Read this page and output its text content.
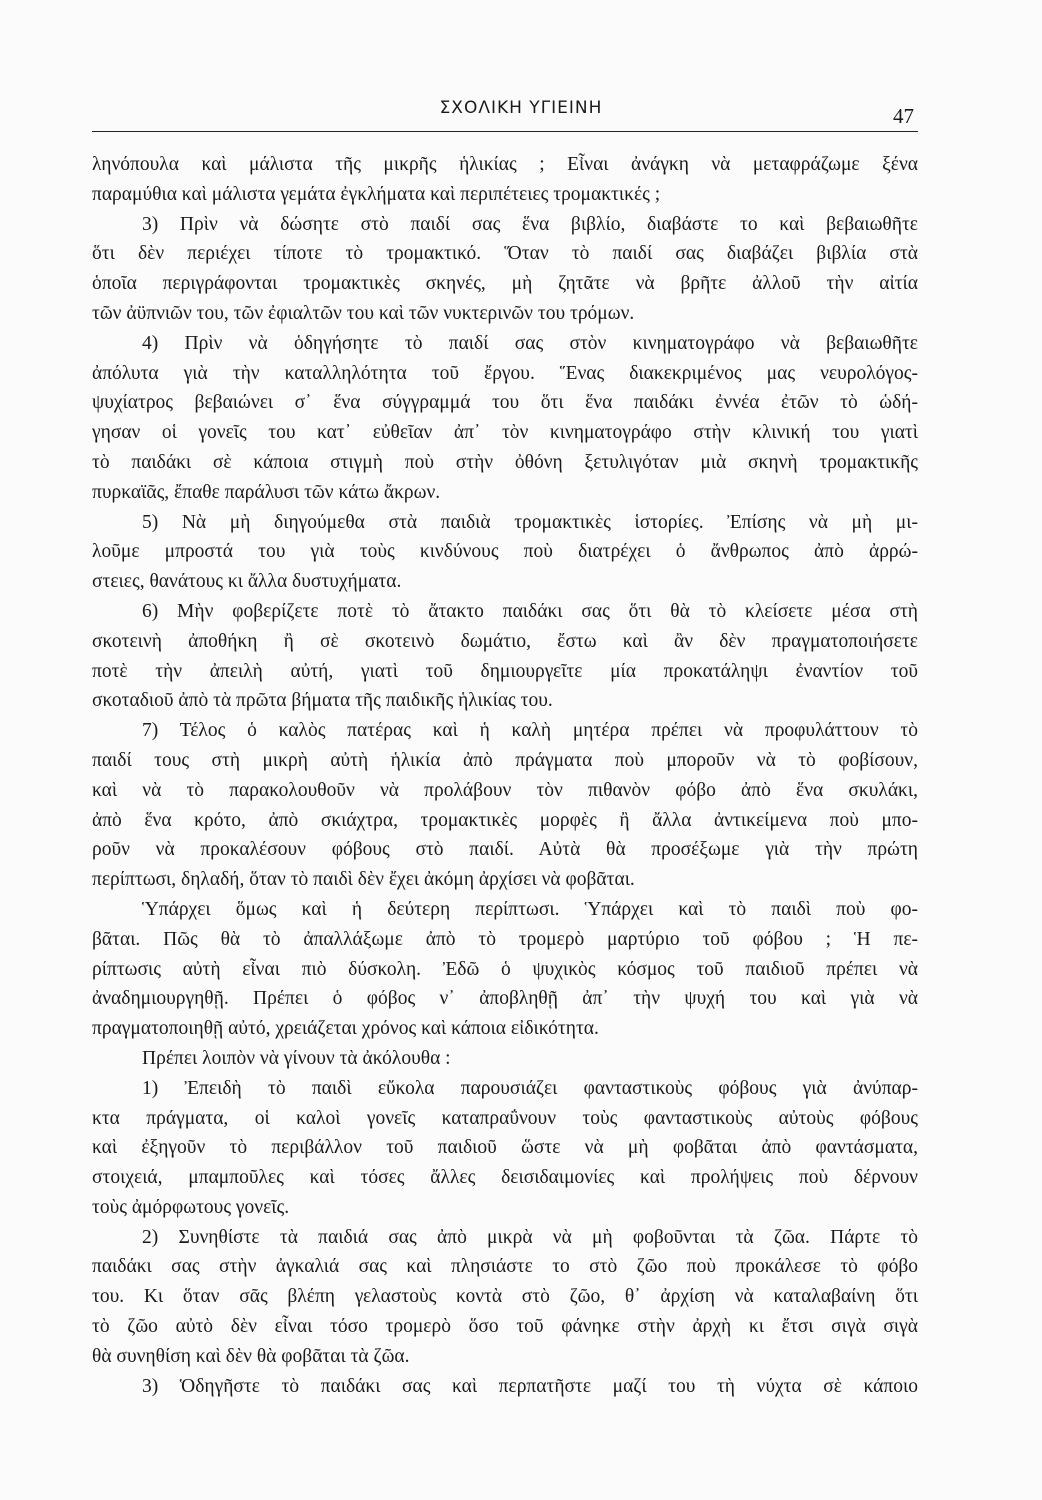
ΣΧΟΛΙΚΗ ΥΓΙΕΙΝΗ	47
ληνόπουλα καὶ μάλιστα τῆς μικρῆς ἡλικίας ; Εἶναι ἀνάγκη νὰ μεταφράζωμε ξένα
παραμύθια καὶ μάλιστα γεμάτα ἐγκλήματα καὶ περιπέτειες τρομακτικές ;
3) Πρὶν νὰ δώσητε στὸ παιδί σας ἕνα βιβλίο, διαβάστε το καὶ βεβαιωθῆτε
ὅτι δὲν περιέχει τίποτε τὸ τρομακτικό. Ὅταν τὸ παιδί σας διαβάζει βιβλία στὰ
ὁποῖα περιγράφονται τρομακτικὲς σκηνές, μὴ ζητᾶτε νὰ βρῆτε ἀλλοῦ τὴν αἰτία
τῶν ἀϋπνιῶν του, τῶν ἐφιαλτῶν του καὶ τῶν νυκτερινῶν του τρόμων.
4) Πρὶν νὰ ὁδηγήσητε τὸ παιδί σας στὸν κινηματογράφο νὰ βεβαιωθῆτε
ἀπόλυτα γιὰ τὴν καταλληλότητα τοῦ ἔργου. Ἕνας διακεκριμένος μας νευρολόγος-
ψυχίατρος βεβαιώνει σ᾽ ἕνα σύγγραμμά του ὅτι ἕνα παιδάκι ἐννέα ἐτῶν τὸ ὡδή-
γησαν οἱ γονεῖς του κατ᾽ εὐθεῖαν ἀπ᾽ τὸν κινηματογράφο στὴν κλινική του γιατὶ
τὸ παιδάκι σὲ κάποια στιγμὴ ποὺ στὴν ὀθόνη ξετυλιγόταν μιὰ σκηνὴ τρομακτικῆς
πυρκαϊᾶς, ἔπαθε παράλυσι τῶν κάτω ἄκρων.
5) Νὰ μὴ διηγούμεθα στὰ παιδιὰ τρομακτικὲς ἱστορίες. Ἐπίσης νὰ μὴ μι-
λοῦμε μπροστά του γιὰ τοὺς κινδύνους ποὺ διατρέχει ὁ ἄνθρωπος ἀπὸ ἀρρώ-
στειες, θανάτους κι ἄλλα δυστυχήματα.
6) Μὴν φοβερίζετε ποτὲ τὸ ἄτακτο παιδάκι σας ὅτι θὰ τὸ κλείσετε μέσα στὴ
σκοτεινὴ ἀποθήκη ἢ σὲ σκοτεινὸ δωμάτιο, ἔστω καὶ ἂν δὲν πραγματοποιήσετε
ποτὲ τὴν ἀπειλὴ αὐτή, γιατὶ τοῦ δημιουργεῖτε μία προκατάληψι ἐναντίον τοῦ
σκοταδιοῦ ἀπὸ τὰ πρῶτα βήματα τῆς παιδικῆς ἡλικίας του.
7) Τέλος ὁ καλὸς πατέρας καὶ ἡ καλὴ μητέρα πρέπει νὰ προφυλάττουν τὸ
παιδί τους στὴ μικρὴ αὐτὴ ἡλικία ἀπὸ πράγματα ποὺ μποροῦν νὰ τὸ φοβίσουν,
καὶ νὰ τὸ παρακολουθοῦν νὰ προλάβουν τὸν πιθανὸν φόβο ἀπὸ ἕνα σκυλάκι,
ἀπὸ ἕνα κρότο, ἀπὸ σκιάχτρα, τρομακτικὲς μορφὲς ἢ ἄλλα ἀντικείμενα ποὺ μπο-
ροῦν νὰ προκαλέσουν φόβους στὸ παιδί. Αὐτὰ θὰ προσέξωμε γιὰ τὴν πρώτη
περίπτωσι, δηλαδή, ὅταν τὸ παιδὶ δὲν ἔχει ἀκόμη ἀρχίσει νὰ φοβᾶται.
Ὑπάρχει ὅμως καὶ ἡ δεύτερη περίπτωσι. Ὑπάρχει καὶ τὸ παιδὶ ποὺ φο-
βᾶται. Πῶς θὰ τὸ ἀπαλλάξωμε ἀπὸ τὸ τρομερὸ μαρτύριο τοῦ φόβου ; Ἡ πε-
ρίπτωσις αὐτὴ εἶναι πιὸ δύσκολη. Ἐδῶ ὁ ψυχικὸς κόσμος τοῦ παιδιοῦ πρέπει νὰ
ἀναδημιουργηθῇ. Πρέπει ὁ φόβος ν᾽ ἀποβληθῇ ἀπ᾽ τὴν ψυχή του καὶ γιὰ νὰ
πραγματοποιηθῇ αὐτό, χρειάζεται χρόνος καὶ κάποια εἰδικότητα.
Πρέπει λοιπὸν νὰ γίνουν τὰ ἀκόλουθα :
1) Ἐπειδὴ τὸ παιδὶ εὔκολα παρουσιάζει φανταστικοὺς φόβους γιὰ ἀνύπαρ-
κτα πράγματα, οἱ καλοὶ γονεῖς καταπραΰνουν τοὺς φανταστικοὺς αὐτοὺς φόβους
καὶ ἐξηγοῦν τὸ περιβάλλον τοῦ παιδιοῦ ὥστε νὰ μὴ φοβᾶται ἀπὸ φαντάσματα,
στοιχειά, μπαμποῦλες καὶ τόσες ἄλλες δεισιδαιμονίες καὶ προλήψεις ποὺ δέρνουν
τοὺς ἀμόρφωτους γονεῖς.
2) Συνηθίστε τὰ παιδιά σας ἀπὸ μικρὰ νὰ μὴ φοβοῦνται τὰ ζῶα. Πάρτε τὸ
παιδάκι σας στὴν ἀγκαλιά σας καὶ πλησιάστε το στὸ ζῶο ποὺ προκάλεσε τὸ φόβο
του. Κι ὅταν σᾶς βλέπη γελαστοὺς κοντὰ στὸ ζῶο, θ᾽ ἀρχίση νὰ καταλαβαίνη ὅτι
τὸ ζῶο αὐτὸ δὲν εἶναι τόσο τρομερὸ ὅσο τοῦ φάνηκε στὴν ἀρχὴ κι ἔτσι σιγὰ σιγὰ
θὰ συνηθίση καὶ δὲν θὰ φοβᾶται τὰ ζῶα.
3) Ὁδηγῆστε τὸ παιδάκι σας καὶ περπατῆστε μαζί του τὴ νύχτα σὲ κάποιο
